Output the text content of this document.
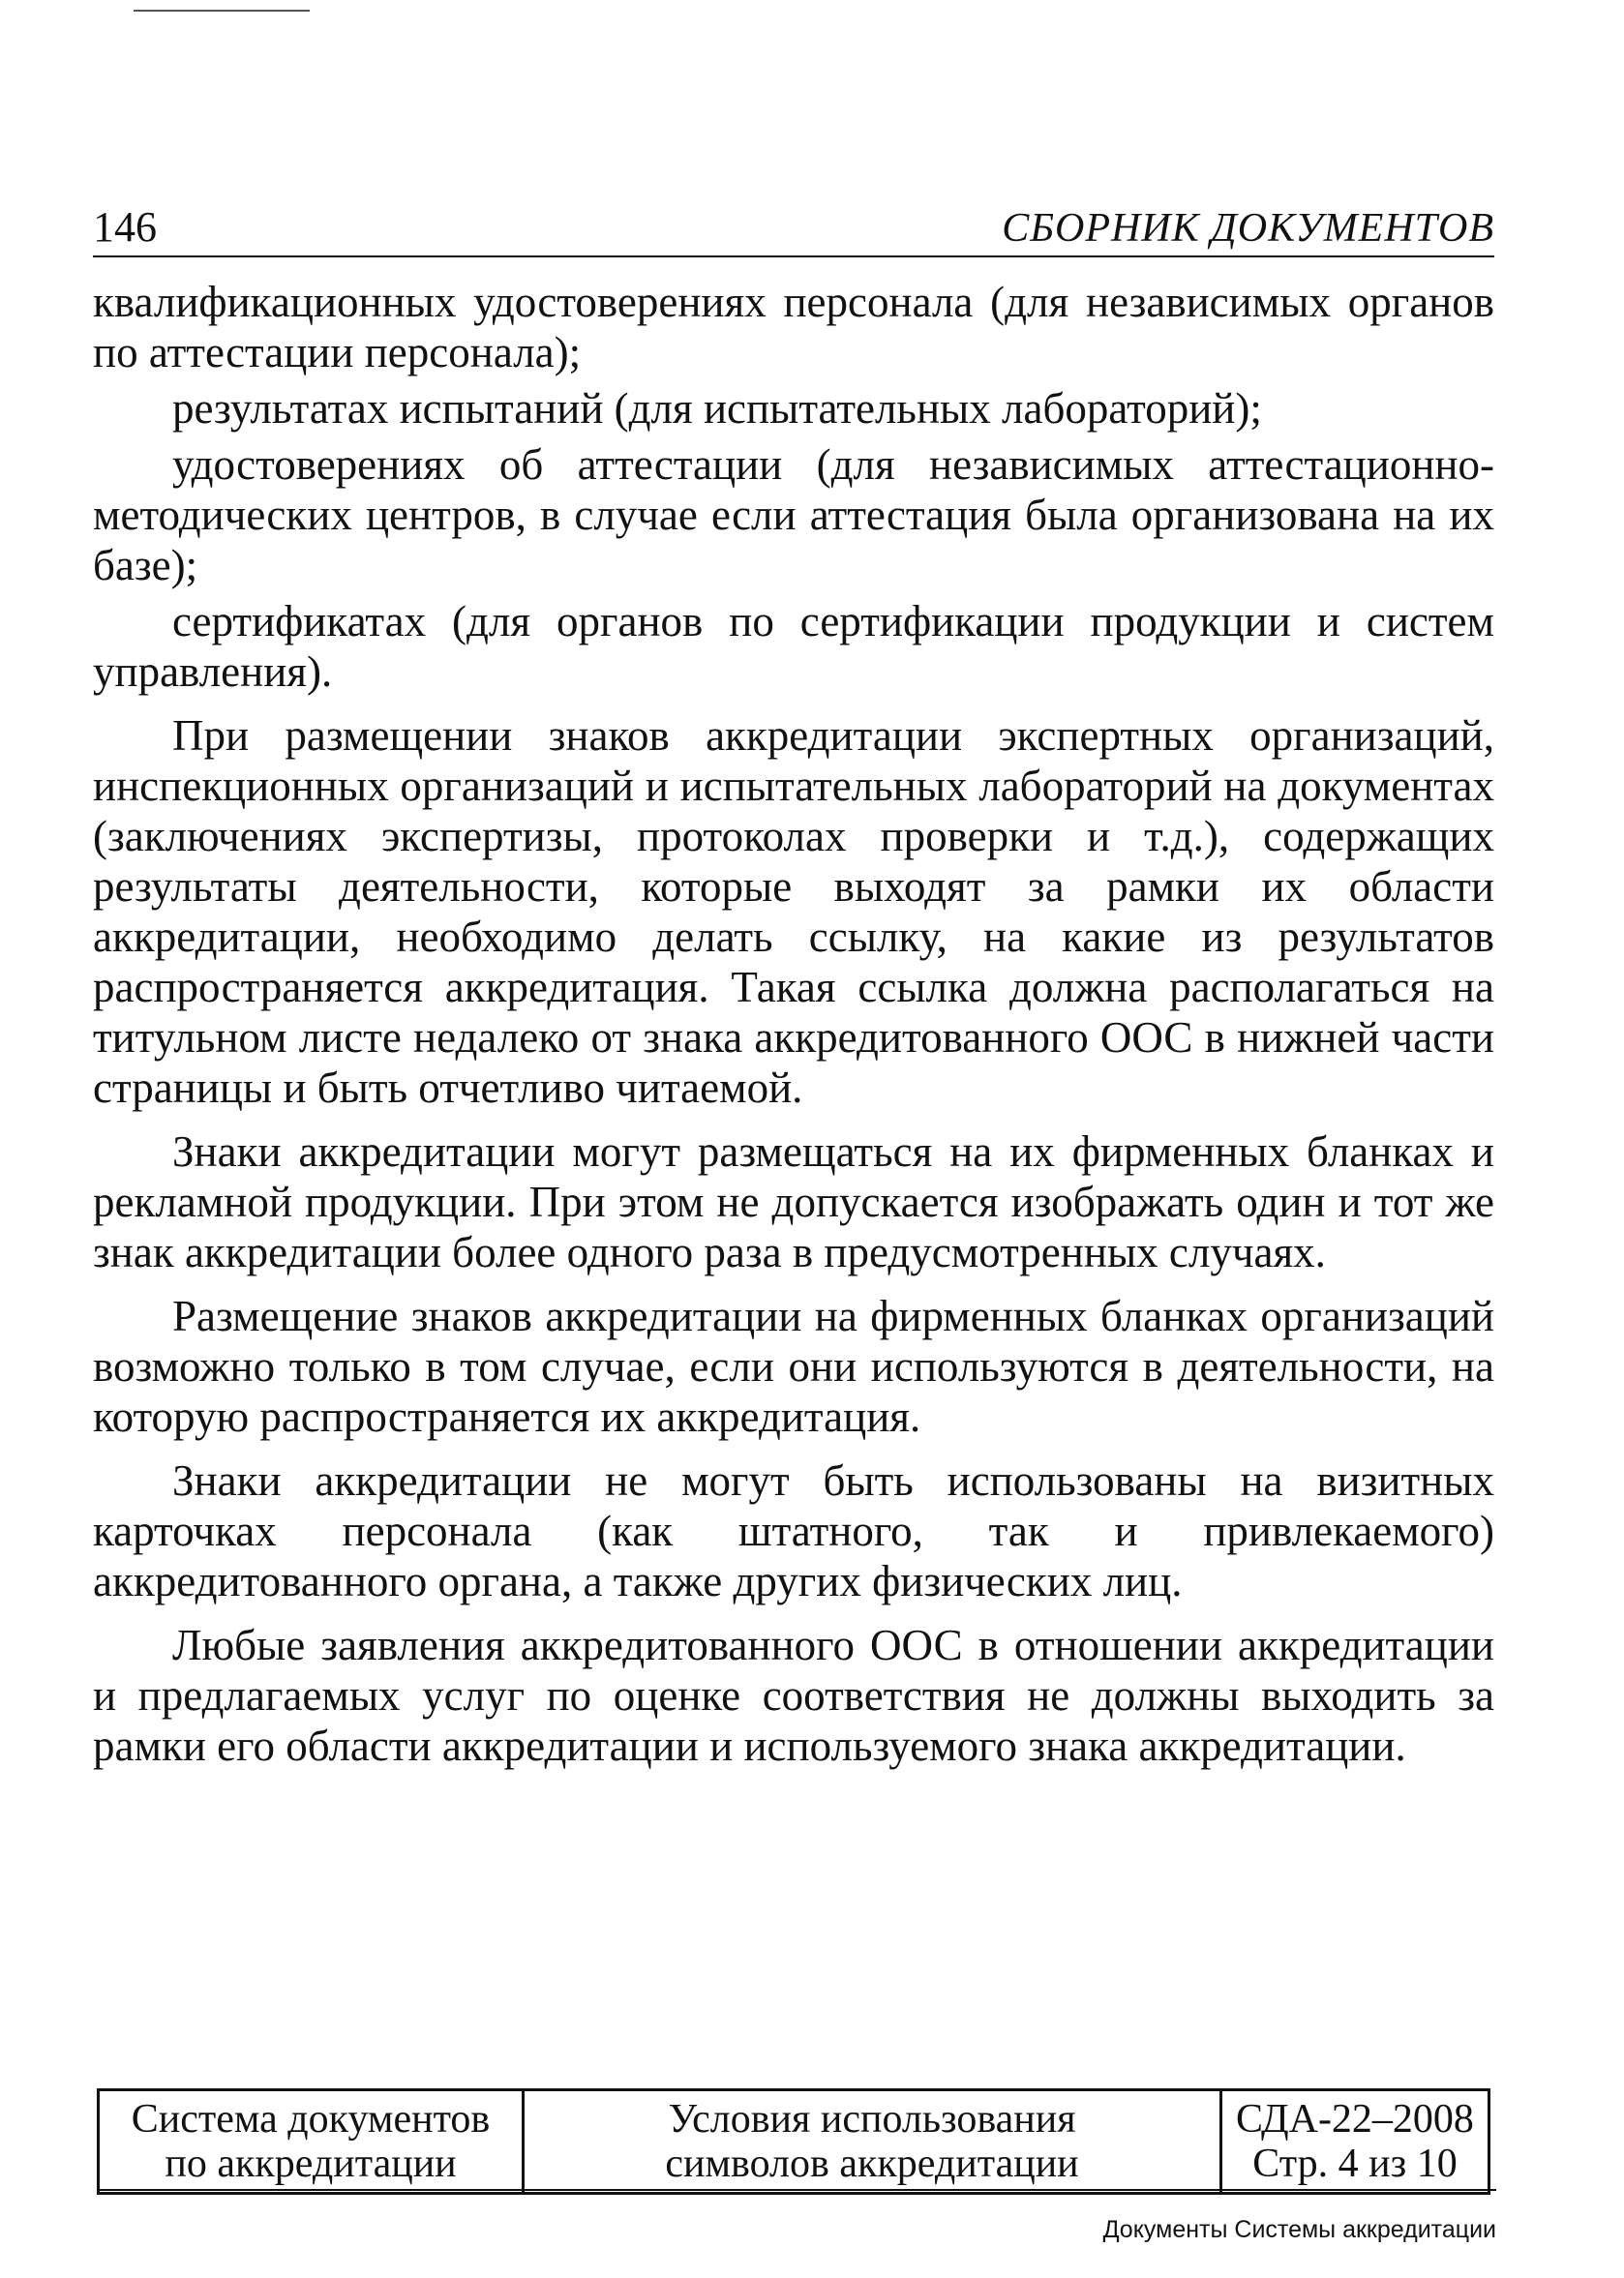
146	СБОРНИК ДОКУМЕНТОВ

квалификационных удостоверениях персонала (для независимых органов по аттестации персонала);

результатах испытаний (для испытательных лабораторий);

удостоверениях об аттестации (для независимых аттестационно-методических центров, в случае если аттестация была организована на их базе);

сертификатах (для органов по сертификации продукции и систем управления).

При размещении знаков аккредитации экспертных организаций, инспекционных организаций и испытательных лабораторий на документах (заключениях экспертизы, протоколах проверки и т.д.), содержащих результаты деятельности, которые выходят за рамки их области аккредитации, необходимо делать ссылку, на какие из результатов распространяется аккредитация. Такая ссылка должна располагаться на титульном листе недалеко от знака аккредитованного ООС в нижней части страницы и быть отчетливо читаемой.

Знаки аккредитации могут размещаться на их фирменных бланках и рекламной продукции. При этом не допускается изображать один и тот же знак аккредитации более одного раза в предусмотренных случаях.

Размещение знаков аккредитации на фирменных бланках организаций возможно только в том случае, если они используются в деятельности, на которую распространяется их аккредитация.

Знаки аккредитации не могут быть использованы на визитных карточках персонала (как штатного, так и привлекаемого) аккредитованного органа, а также других физических лиц.

Любые заявления аккредитованного ООС в отношении аккредитации и предлагаемых услуг по оценке соответствия не должны выходить за рамки его области аккредитации и используемого знака аккредитации.

Система документов
по аккредитации

Условия использования
символов аккредитации

СДА-22–2008
Стр. 4 из 10
Документы Системы аккредитации
